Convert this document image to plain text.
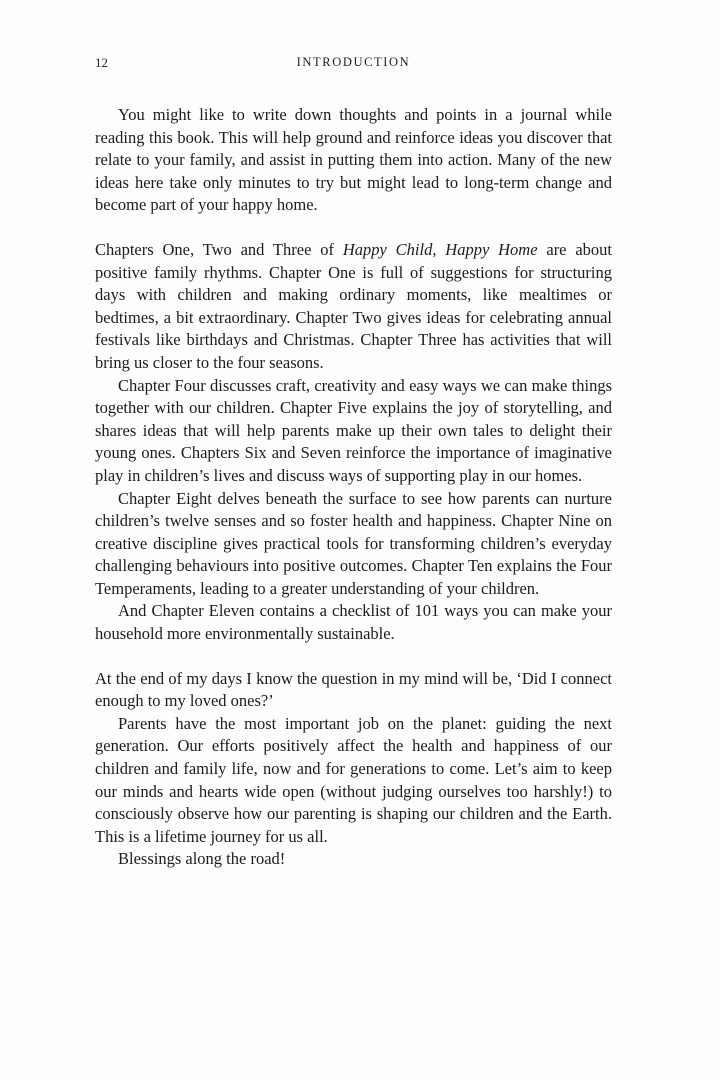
12	INTRODUCTION

You might like to write down thoughts and points in a journal while reading this book. This will help ground and reinforce ideas you discover that relate to your family, and assist in putting them into action. Many of the new ideas here take only minutes to try but might lead to long-term change and become part of your happy home.

Chapters One, Two and Three of Happy Child, Happy Home are about positive family rhythms. Chapter One is full of suggestions for structuring days with children and making ordinary moments, like mealtimes or bedtimes, a bit extraordinary. Chapter Two gives ideas for celebrating annual festivals like birthdays and Christmas. Chapter Three has activities that will bring us closer to the four seasons.

Chapter Four discusses craft, creativity and easy ways we can make things together with our children. Chapter Five explains the joy of storytelling, and shares ideas that will help parents make up their own tales to delight their young ones. Chapters Six and Seven reinforce the importance of imaginative play in children’s lives and discuss ways of supporting play in our homes.

Chapter Eight delves beneath the surface to see how parents can nurture children’s twelve senses and so foster health and happiness. Chapter Nine on creative discipline gives practical tools for transforming children’s everyday challenging behaviours into positive outcomes. Chapter Ten explains the Four Temperaments, leading to a greater understanding of your children.

And Chapter Eleven contains a checklist of 101 ways you can make your household more environmentally sustainable.

At the end of my days I know the question in my mind will be, ‘Did I connect enough to my loved ones?’

Parents have the most important job on the planet: guiding the next generation. Our efforts positively affect the health and happiness of our children and family life, now and for generations to come. Let’s aim to keep our minds and hearts wide open (without judging ourselves too harshly!) to consciously observe how our parenting is shaping our children and the Earth. This is a lifetime journey for us all.

Blessings along the road!
